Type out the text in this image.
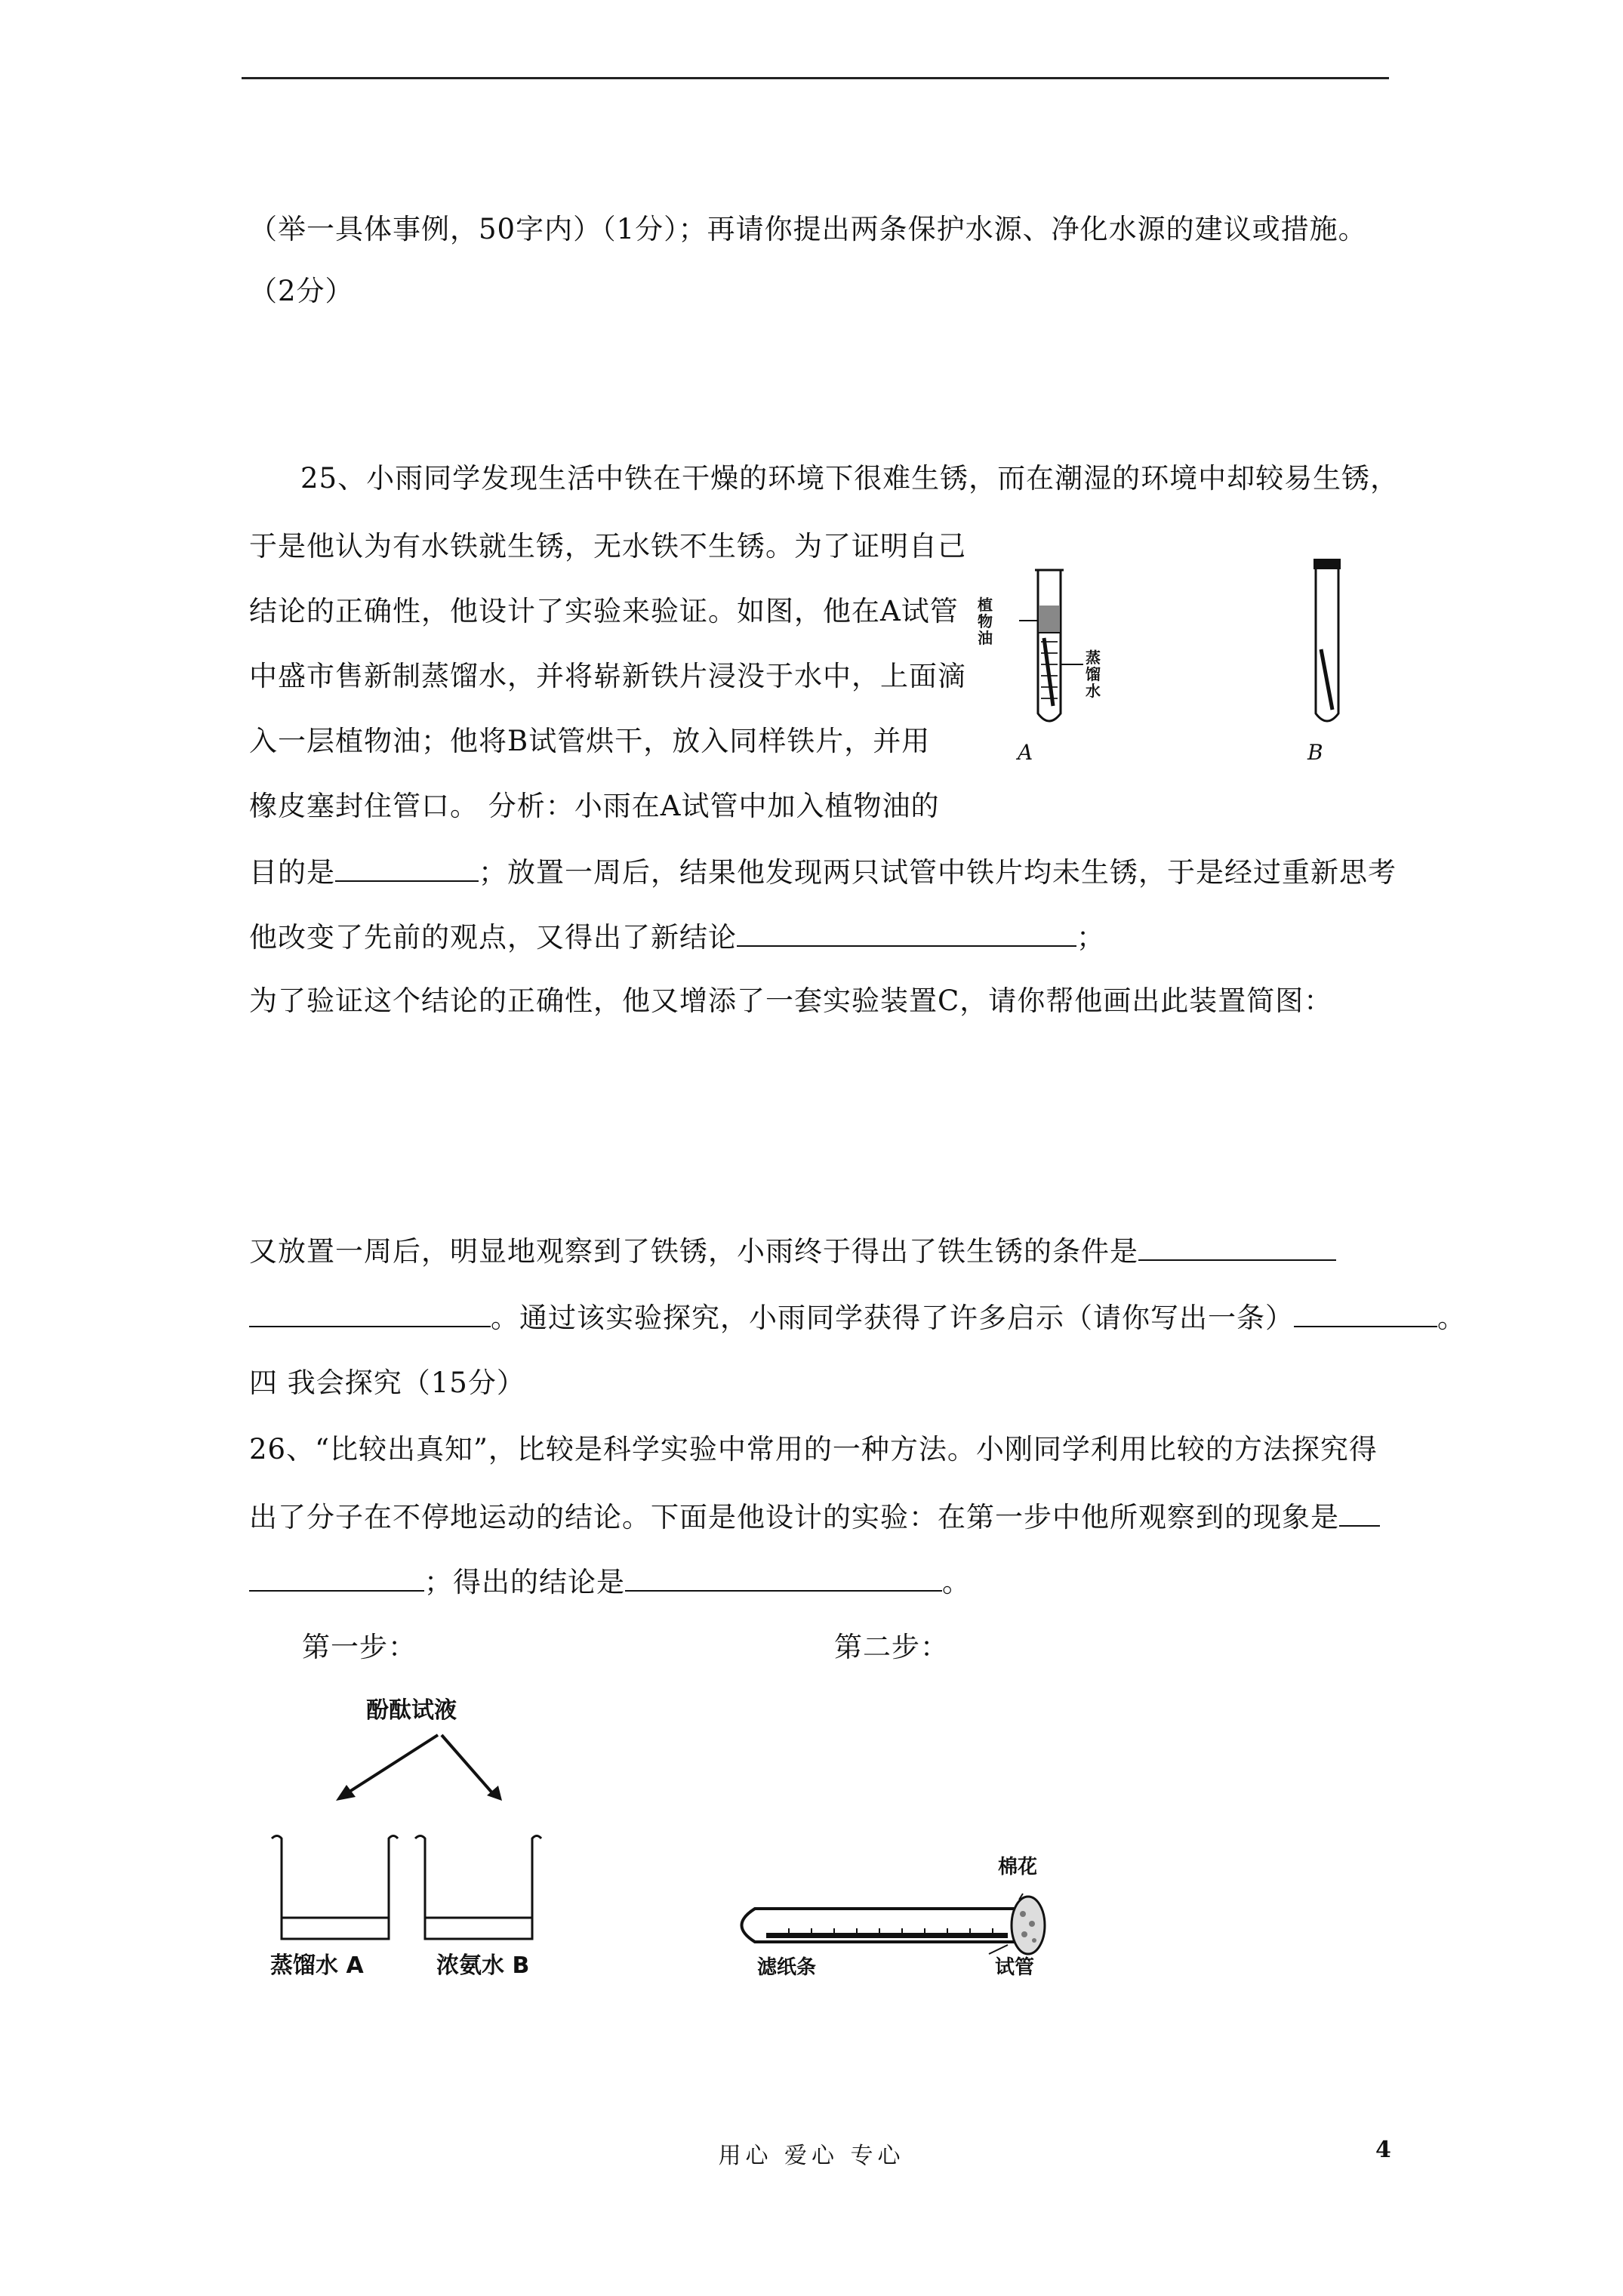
（举一具体事例，50字内）（1分）；再请你提出两条保护水源、净化水源的建议或措施。
（2分）
25、小雨同学发现生活中铁在干燥的环境下很难生锈，而在潮湿的环境中却较易生锈，
于是他认为有水铁就生锈，无水铁不生锈。为了证明自己
结论的正确性，他设计了实验来验证。如图，他在A试管
中盛市售新制蒸馏水，并将崭新铁片浸没于水中，上面滴
入一层植物油；他将B试管烘干，放入同样铁片，并用
橡皮塞封住管口。 分析：小雨在A试管中加入植物油的
目的是	；放置一周后，结果他发现两只试管中铁片均未生锈，于是经过重新思考
他改变了先前的观点，又得出了新结论	；
为了验证这个结论的正确性，他又增添了一套实验装置C，请你帮他画出此装置简图：
又放置一周后，明显地观察到了铁锈，小雨终于得出了铁生锈的条件是
。通过该实验探究，小雨同学获得了许多启示（请你写出一条）	。
植物油
蒸馏水
A	B
四 我会探究（15分）
26、“比较出真知”，比较是科学实验中常用的一种方法。小刚同学利用比较的方法探究得
出了分子在不停地运动的结论。下面是他设计的实验：在第一步中他所观察到的现象是
；得出的结论是	。
第一步：	第二步：
酚酞试液
蒸馏水 A	浓氨水 B
棉花
滤纸条	试管
用心 爱心 专心	4
